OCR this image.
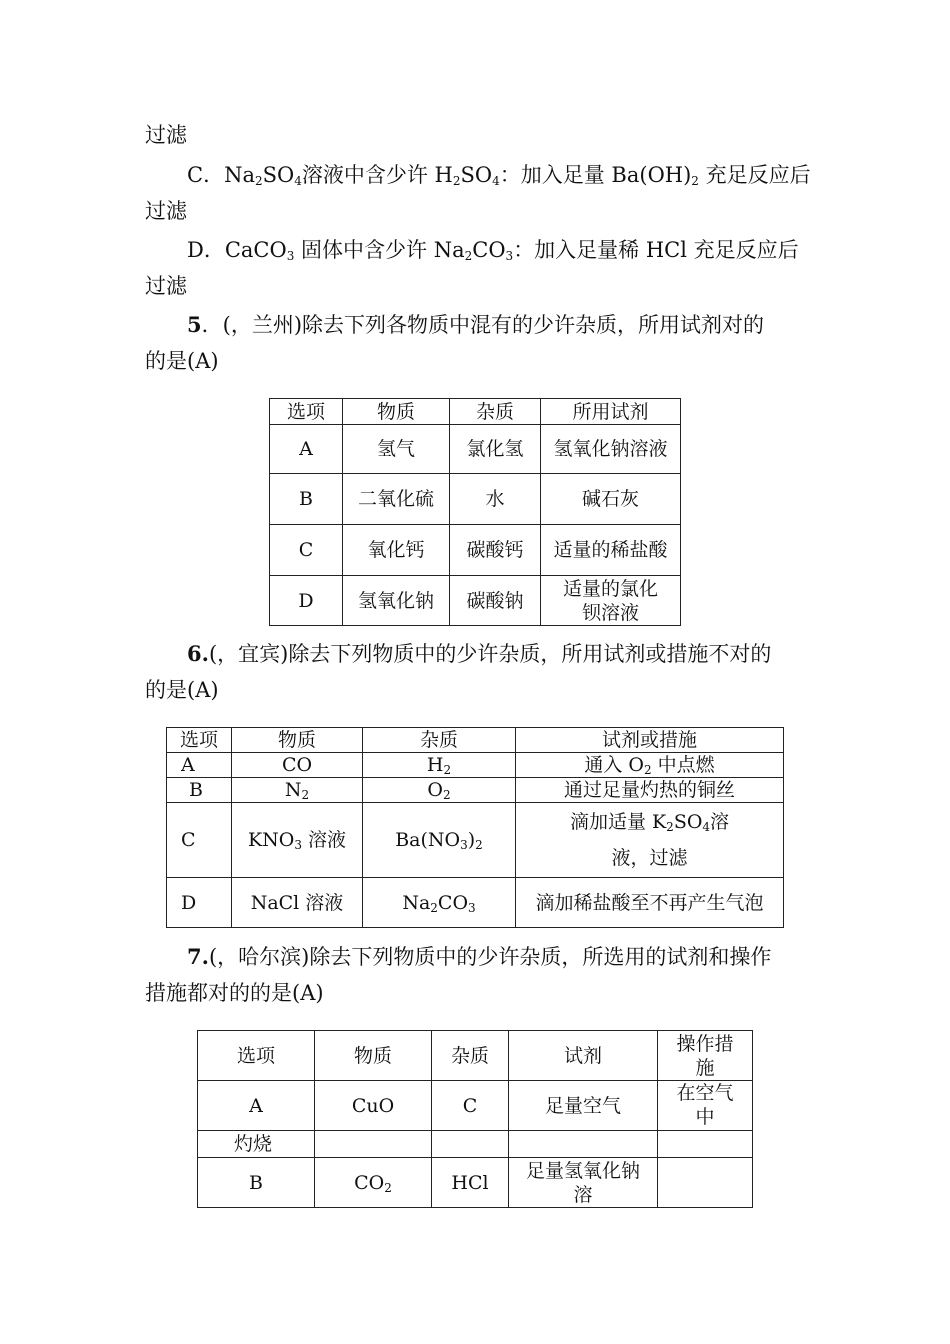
过滤
C．$Na_2SO_4$溶液中含少许 $H_2SO_4$：加入足量 $Ba(OH)_2$ 充足反应后
过滤
D．CaCO$_3$ 固体中含少许 $Na_2CO_3$：加入足量稀 HCl 充足反应后
过滤
5．(，兰州)除去下列各物质中混有的少许杂质，所用试剂对的
的是(A)
选项	物质	杂质	所用试剂
A	氢气	氯化氢	氢氧化钠溶液
B	二氧化硫	水	碱石灰
C	氧化钙	碳酸钙	适量的稀盐酸
D	氢氧化钠	碳酸钠	适量的氯化钡溶液
6.(，宜宾)除去下列物质中的少许杂质，所用试剂或措施不对的
的是(A)
选项	物质	杂质	试剂或措施
A	CO	$H_2$	通入 $O_2$ 中点燃
B	$N_2$	$O_2$	通过足量灼热的铜丝
C	$KNO_3$ 溶液	$Ba(NO_3)_2$	滴加适量 $K_2SO_4$溶
液，过滤
D	NaCl 溶液	$Na_2CO_3$	滴加稀盐酸至不再产生气泡
7.(，哈尔滨)除去下列物质中的少许杂质，所选用的试剂和操作
措施都对的的是(A)
选项	物质	杂质	试剂	操作措施
A	CuO	C	足量空气	在空气中
灼烧				
B	$CO_2$	HCl	足量氢氧化钠溶	
